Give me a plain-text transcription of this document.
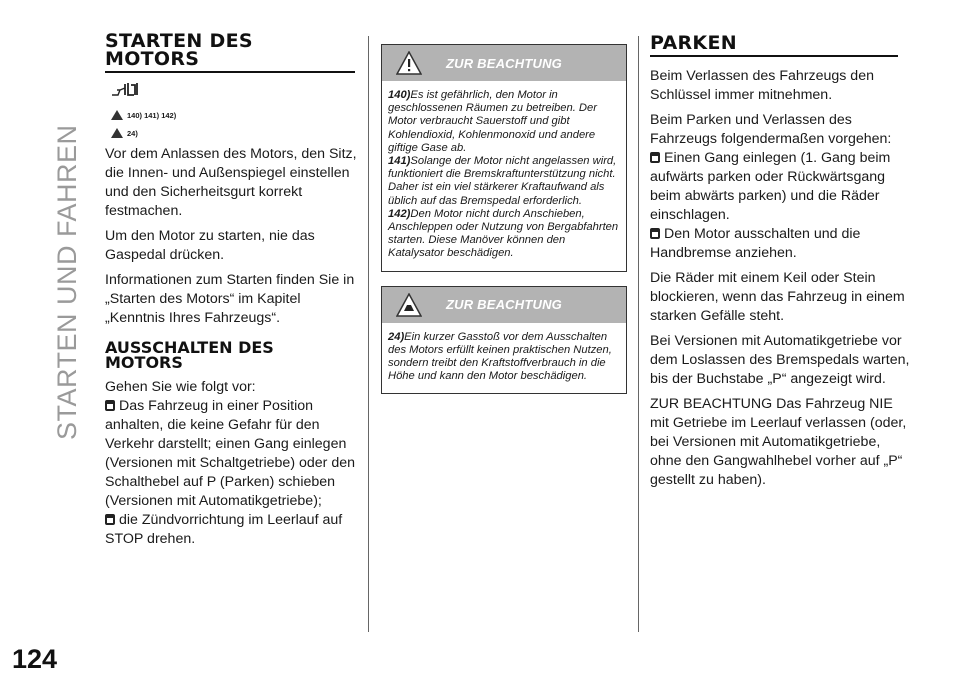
STARTEN UND FAHREN
124
STARTEN DES MOTORS
140) 141) 142)
24)

Vor dem Anlassen des Motors, den Sitz, die Innen- und Außenspiegel einstellen und den Sicherheitsgurt korrekt festmachen.

Um den Motor zu starten, nie das Gaspedal drücken.

Informationen zum Starten finden Sie in „Starten des Motors“ im Kapitel „Kenntnis Ihres Fahrzeugs“.

AUSSCHALTEN DES MOTORS

Gehen Sie wie folgt vor:

Das Fahrzeug in einer Position anhalten, die keine Gefahr für den Verkehr darstellt; einen Gang einlegen (Versionen mit Schaltgetriebe) oder den Schalthebel auf P (Parken) schieben (Versionen mit Automatikgetriebe);

die Zündvorrichtung im Leerlauf auf STOP drehen.

ZUR BEACHTUNG
140)Es ist gefährlich, den Motor in geschlossenen Räumen zu betreiben. Der Motor verbraucht Sauerstoff und gibt Kohlendioxid, Kohlenmonoxid und andere giftige Gase ab.
141)Solange der Motor nicht angelassen wird, funktioniert die Bremskraftunterstützung nicht. Daher ist ein viel stärkerer Kraftaufwand als üblich auf das Bremspedal erforderlich.
142)Den Motor nicht durch Anschieben, Anschleppen oder Nutzung von Bergabfahrten starten. Diese Manöver können den Katalysator beschädigen.
ZUR BEACHTUNG
24)Ein kurzer Gasstoß vor dem Ausschalten des Motors erfüllt keinen praktischen Nutzen, sondern treibt den Kraftstoffverbrauch in die Höhe und kann den Motor beschädigen.
PARKEN

Beim Verlassen des Fahrzeugs den Schlüssel immer mitnehmen.

Beim Parken und Verlassen des Fahrzeugs folgendermaßen vorgehen:

Einen Gang einlegen (1. Gang beim aufwärts parken oder Rückwärtsgang beim abwärts parken) und die Räder einschlagen.

Den Motor ausschalten und die Handbremse anziehen.

Die Räder mit einem Keil oder Stein blockieren, wenn das Fahrzeug in einem starken Gefälle steht.

Bei Versionen mit Automatikgetriebe vor dem Loslassen des Bremspedals warten, bis der Buchstabe „P“ angezeigt wird.

ZUR BEACHTUNG Das Fahrzeug NIE mit Getriebe im Leerlauf verlassen (oder, bei Versionen mit Automatikgetriebe, ohne den Gangwahlhebel vorher auf „P“ gestellt zu haben).
